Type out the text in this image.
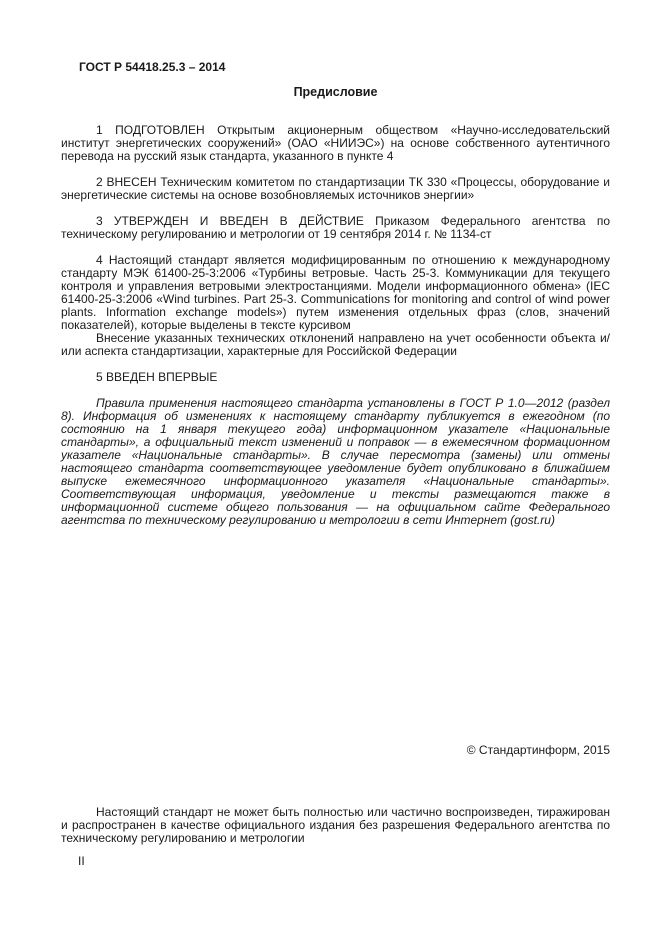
ГОСТ Р 54418.25.3 – 2014
Предисловие

1 ПОДГОТОВЛЕН Открытым акционерным обществом «Научно-исследовательский институт энергетических сооружений» (ОАО «НИИЭС») на основе собственного аутентичного перевода на русский язык стандарта, указанного в пункте 4

2 ВНЕСЕН Техническим комитетом по стандартизации ТК 330 «Процессы, оборудование и энергетические системы на основе возобновляемых источников энергии»

3 УТВЕРЖДЕН И ВВЕДЕН В ДЕЙСТВИЕ Приказом Федерального агентства по техническому регулированию и метрологии от 19 сентября 2014 г. № 1134-ст

4 Настоящий стандарт является модифицированным по отношению к международному стандарту МЭК 61400-25-3:2006 «Турбины ветровые. Часть 25-3. Коммуникации для текущего контроля и управления ветровыми электростанциями. Модели информационного обмена» (IEC 61400-25-3:2006 «Wind turbines. Part 25-3. Communications for monitoring and control of wind power plants. Information exchange models») путем изменения отдельных фраз (слов, значений показателей), которые выделены в тексте курсивом

Внесение указанных технических отклонений направлено на учет особенности объекта и/или аспекта стандартизации, характерные для Российской Федерации

5 ВВЕДЕН ВПЕРВЫЕ

Правила применения настоящего стандарта установлены в ГОСТ Р 1.0—2012 (раздел 8). Информация об изменениях к настоящему стандарту публикуется в ежегодном (по состоянию на 1 января текущего года) информационном указателе «Национальные стандарты», а официальный текст изменений и поправок — в ежемесячном формационном указателе «Национальные стандарты». В случае пересмотра (замены) или отмены настоящего стандарта соответствующее уведомление будет опубликовано в ближайшем выпуске ежемесячного информационного указателя «Национальные стандарты». Соответствующая информация, уведомление и тексты размещаются также в информационной системе общего пользования — на официальном сайте Федерального агентства по техническому регулированию и метрологии в сети Интернет (gost.ru)

© Стандартинформ, 2015

Настоящий стандарт не может быть полностью или частично воспроизведен, тиражирован и распространен в качестве официального издания без разрешения Федерального агентства по техническому регулированию и метрологии

II
